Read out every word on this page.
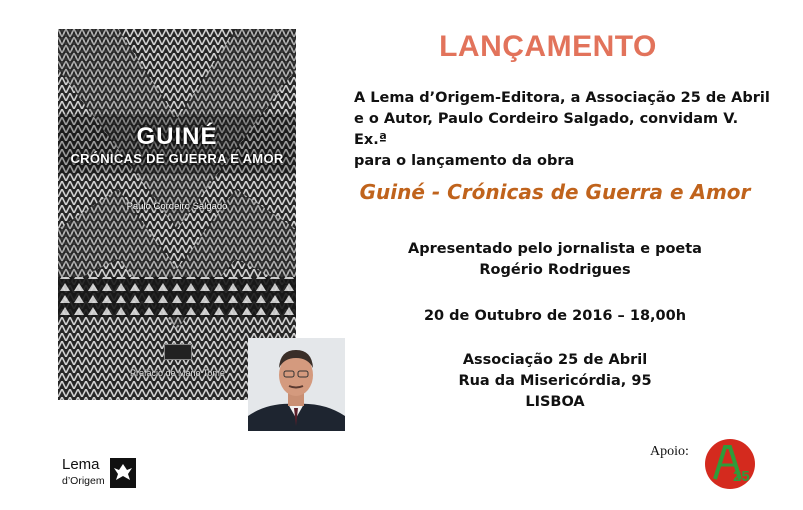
GUINÉ
CRÓNICAS DE GUERRA E AMOR
Paulo Cordeiro Salgado
Prefácio de Mário Tomé
LANÇAMENTO
A Lema d’Origem-Editora, a Associação 25 de Abril
e o Autor, Paulo Cordeiro Salgado, convidam V. Ex.ª
para o lançamento da obra
Guiné - Crónicas de Guerra e Amor
Apresentado pelo jornalista e poeta
Rogério Rodrigues
20 de Outubro de 2016 – 18,00h
Associação 25 de Abril
Rua da Misericórdia, 95
LISBOA
Lema
d’Origem
Apoio:
25
